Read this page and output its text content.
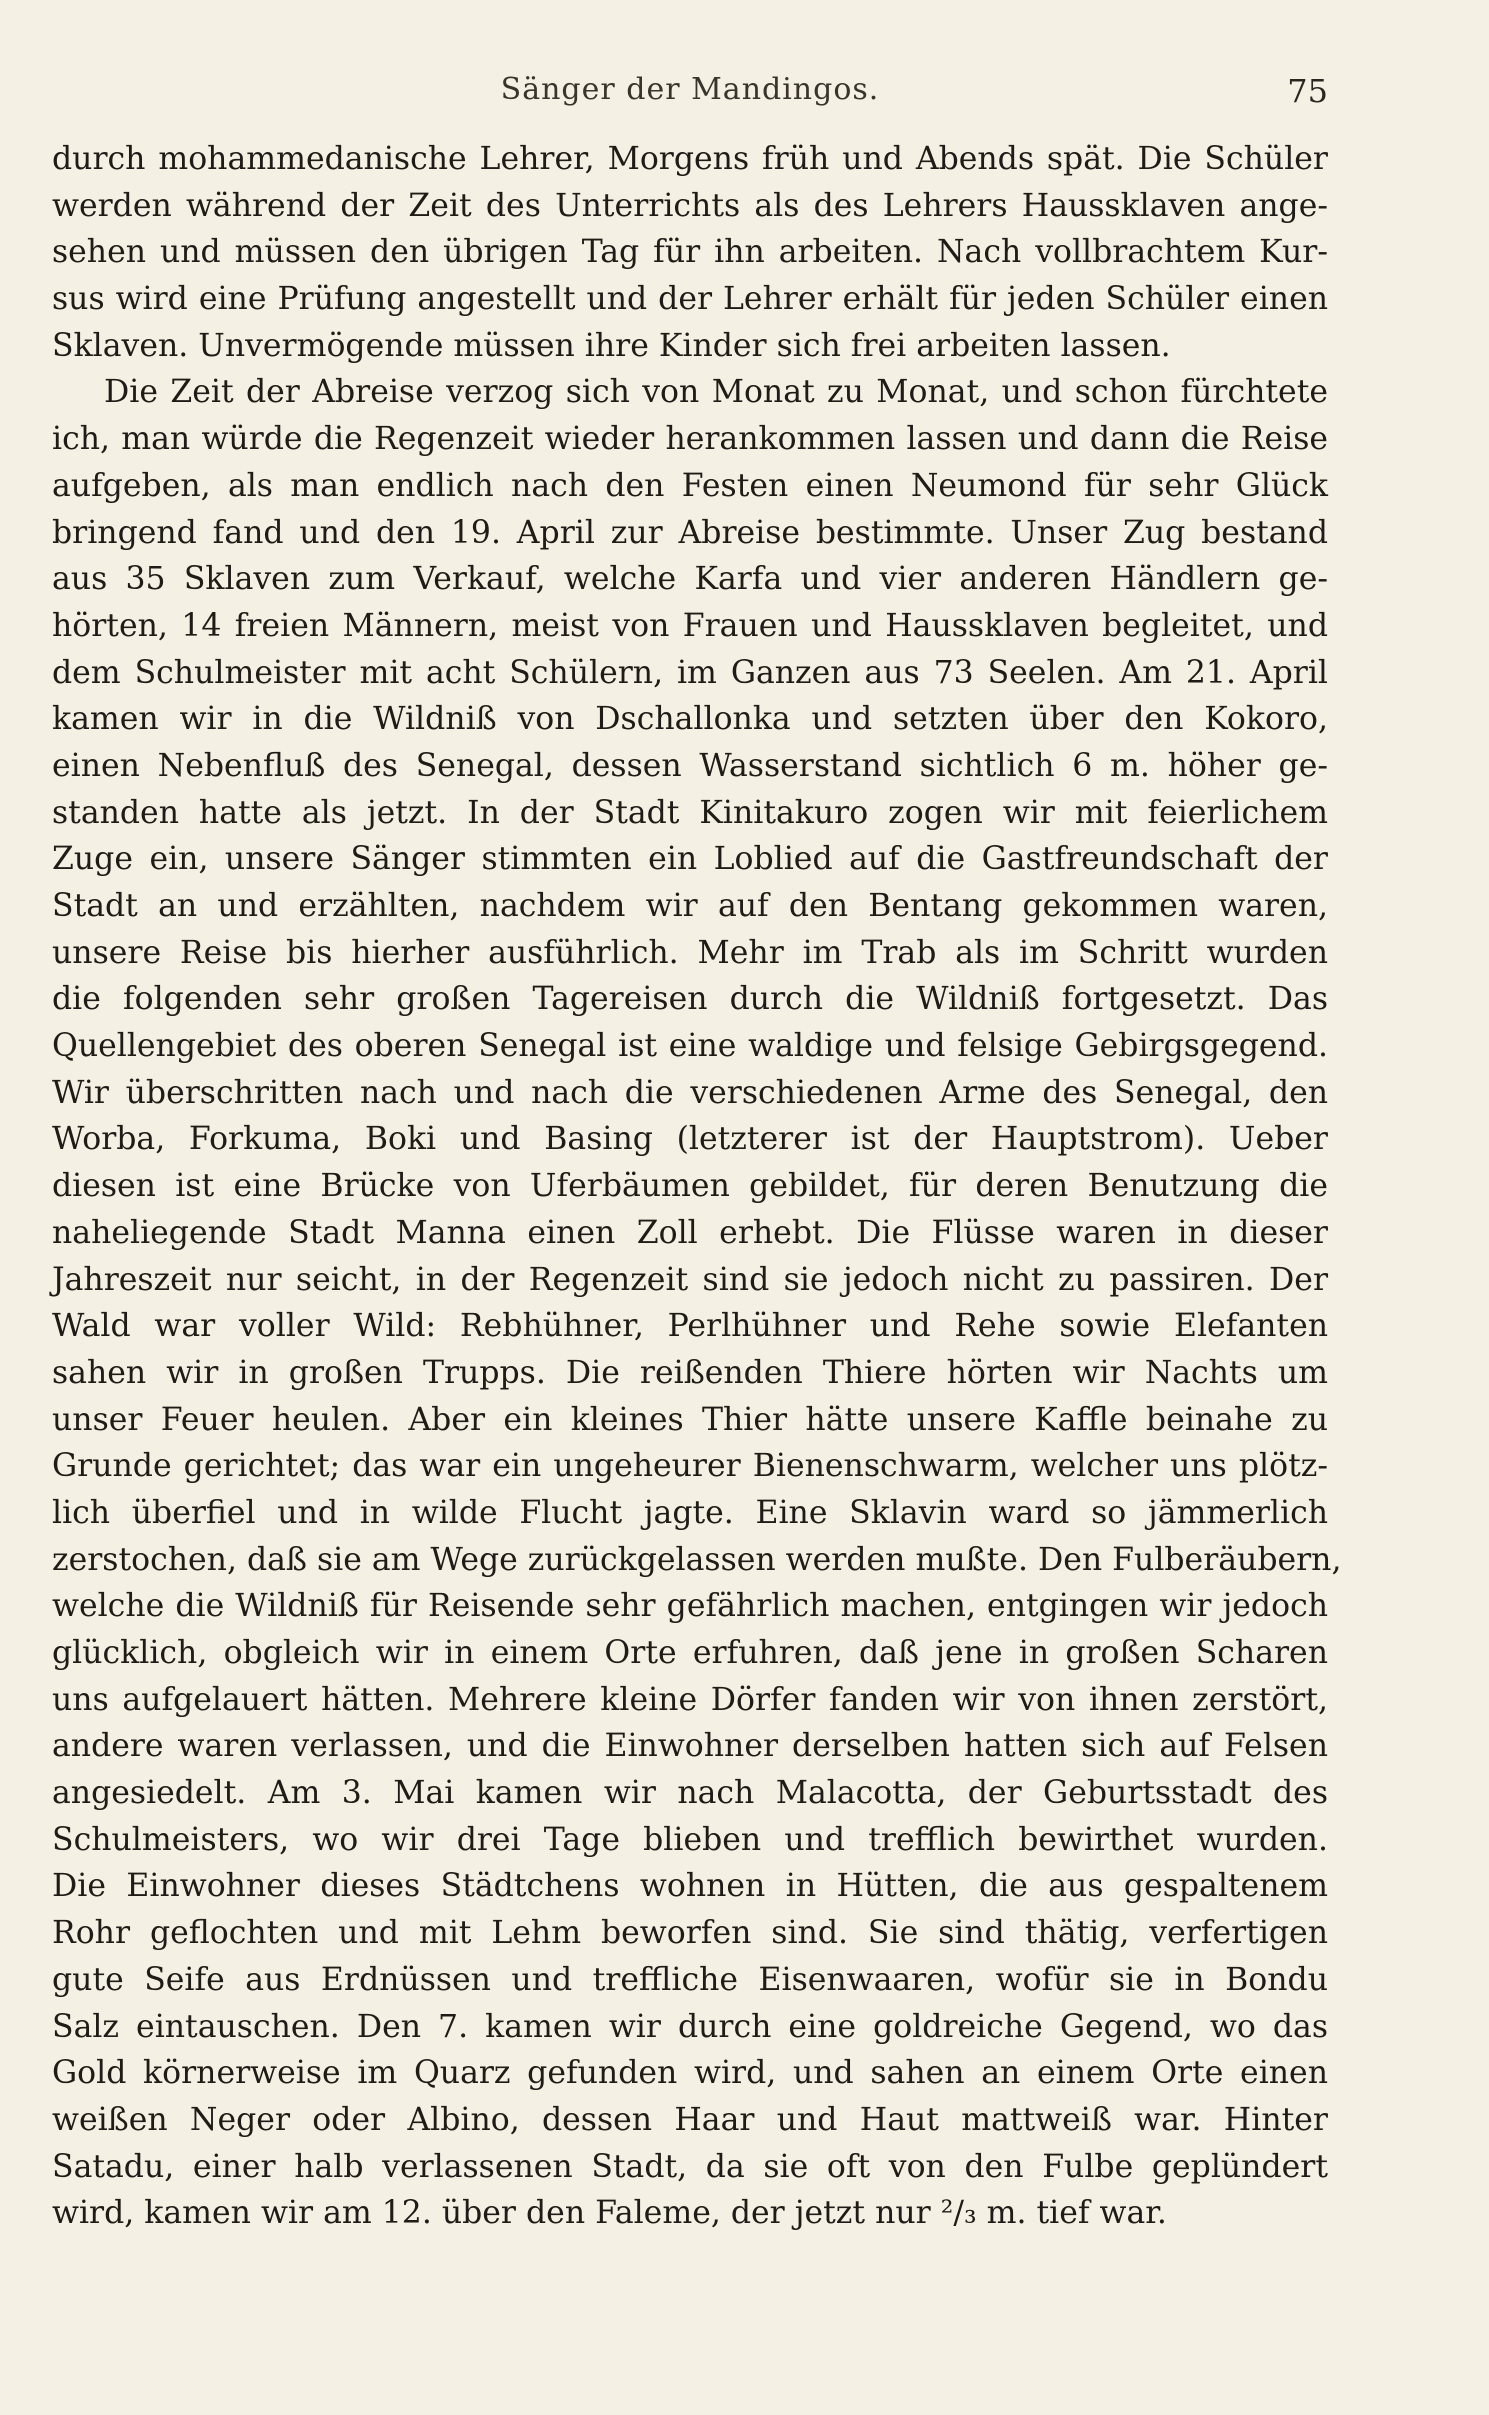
Sänger der Mandingos.	75
durch mohammedanische Lehrer, Morgens früh und Abends spät. Die Schüler
werden während der Zeit des Unterrichts als des Lehrers Haussklaven ange-
sehen und müssen den übrigen Tag für ihn arbeiten. Nach vollbrachtem Kur-
sus wird eine Prüfung angestellt und der Lehrer erhält für jeden Schüler einen
Sklaven. Unvermögende müssen ihre Kinder sich frei arbeiten lassen.
Die Zeit der Abreise verzog sich von Monat zu Monat, und schon fürchtete
ich, man würde die Regenzeit wieder herankommen lassen und dann die Reise
aufgeben, als man endlich nach den Festen einen Neumond für sehr Glück
bringend fand und den 19. April zur Abreise bestimmte. Unser Zug bestand
aus 35 Sklaven zum Verkauf, welche Karfa und vier anderen Händlern ge-
hörten, 14 freien Männern, meist von Frauen und Haussklaven begleitet, und
dem Schulmeister mit acht Schülern, im Ganzen aus 73 Seelen. Am 21. April
kamen wir in die Wildniß von Dschallonka und setzten über den Kokoro,
einen Nebenfluß des Senegal, dessen Wasserstand sichtlich 6 m. höher ge-
standen hatte als jetzt. In der Stadt Kinitakuro zogen wir mit feierlichem
Zuge ein, unsere Sänger stimmten ein Loblied auf die Gastfreundschaft der
Stadt an und erzählten, nachdem wir auf den Bentang gekommen waren,
unsere Reise bis hierher ausführlich. Mehr im Trab als im Schritt wurden
die folgenden sehr großen Tagereisen durch die Wildniß fortgesetzt. Das
Quellengebiet des oberen Senegal ist eine waldige und felsige Gebirgsgegend.
Wir überschritten nach und nach die verschiedenen Arme des Senegal, den
Worba, Forkuma, Boki und Basing (letzterer ist der Hauptstrom). Ueber
diesen ist eine Brücke von Uferbäumen gebildet, für deren Benutzung die
naheliegende Stadt Manna einen Zoll erhebt. Die Flüsse waren in dieser
Jahreszeit nur seicht, in der Regenzeit sind sie jedoch nicht zu passiren. Der
Wald war voller Wild: Rebhühner, Perlhühner und Rehe sowie Elefanten
sahen wir in großen Trupps. Die reißenden Thiere hörten wir Nachts um
unser Feuer heulen. Aber ein kleines Thier hätte unsere Kaffle beinahe zu
Grunde gerichtet; das war ein ungeheurer Bienenschwarm, welcher uns plötz-
lich überfiel und in wilde Flucht jagte. Eine Sklavin ward so jämmerlich
zerstochen, daß sie am Wege zurückgelassen werden mußte. Den Fulberäubern,
welche die Wildniß für Reisende sehr gefährlich machen, entgingen wir jedoch
glücklich, obgleich wir in einem Orte erfuhren, daß jene in großen Scharen
uns aufgelauert hätten. Mehrere kleine Dörfer fanden wir von ihnen zerstört,
andere waren verlassen, und die Einwohner derselben hatten sich auf Felsen
angesiedelt. Am 3. Mai kamen wir nach Malacotta, der Geburtsstadt des
Schulmeisters, wo wir drei Tage blieben und trefflich bewirthet wurden.
Die Einwohner dieses Städtchens wohnen in Hütten, die aus gespaltenem
Rohr geflochten und mit Lehm beworfen sind. Sie sind thätig, verfertigen
gute Seife aus Erdnüssen und treffliche Eisenwaaren, wofür sie in Bondu
Salz eintauschen. Den 7. kamen wir durch eine goldreiche Gegend, wo das
Gold körnerweise im Quarz gefunden wird, und sahen an einem Orte einen
weißen Neger oder Albino, dessen Haar und Haut mattweiß war. Hinter
Satadu, einer halb verlassenen Stadt, da sie oft von den Fulbe geplündert
wird, kamen wir am 12. über den Faleme, der jetzt nur ²/₃ m. tief war.
